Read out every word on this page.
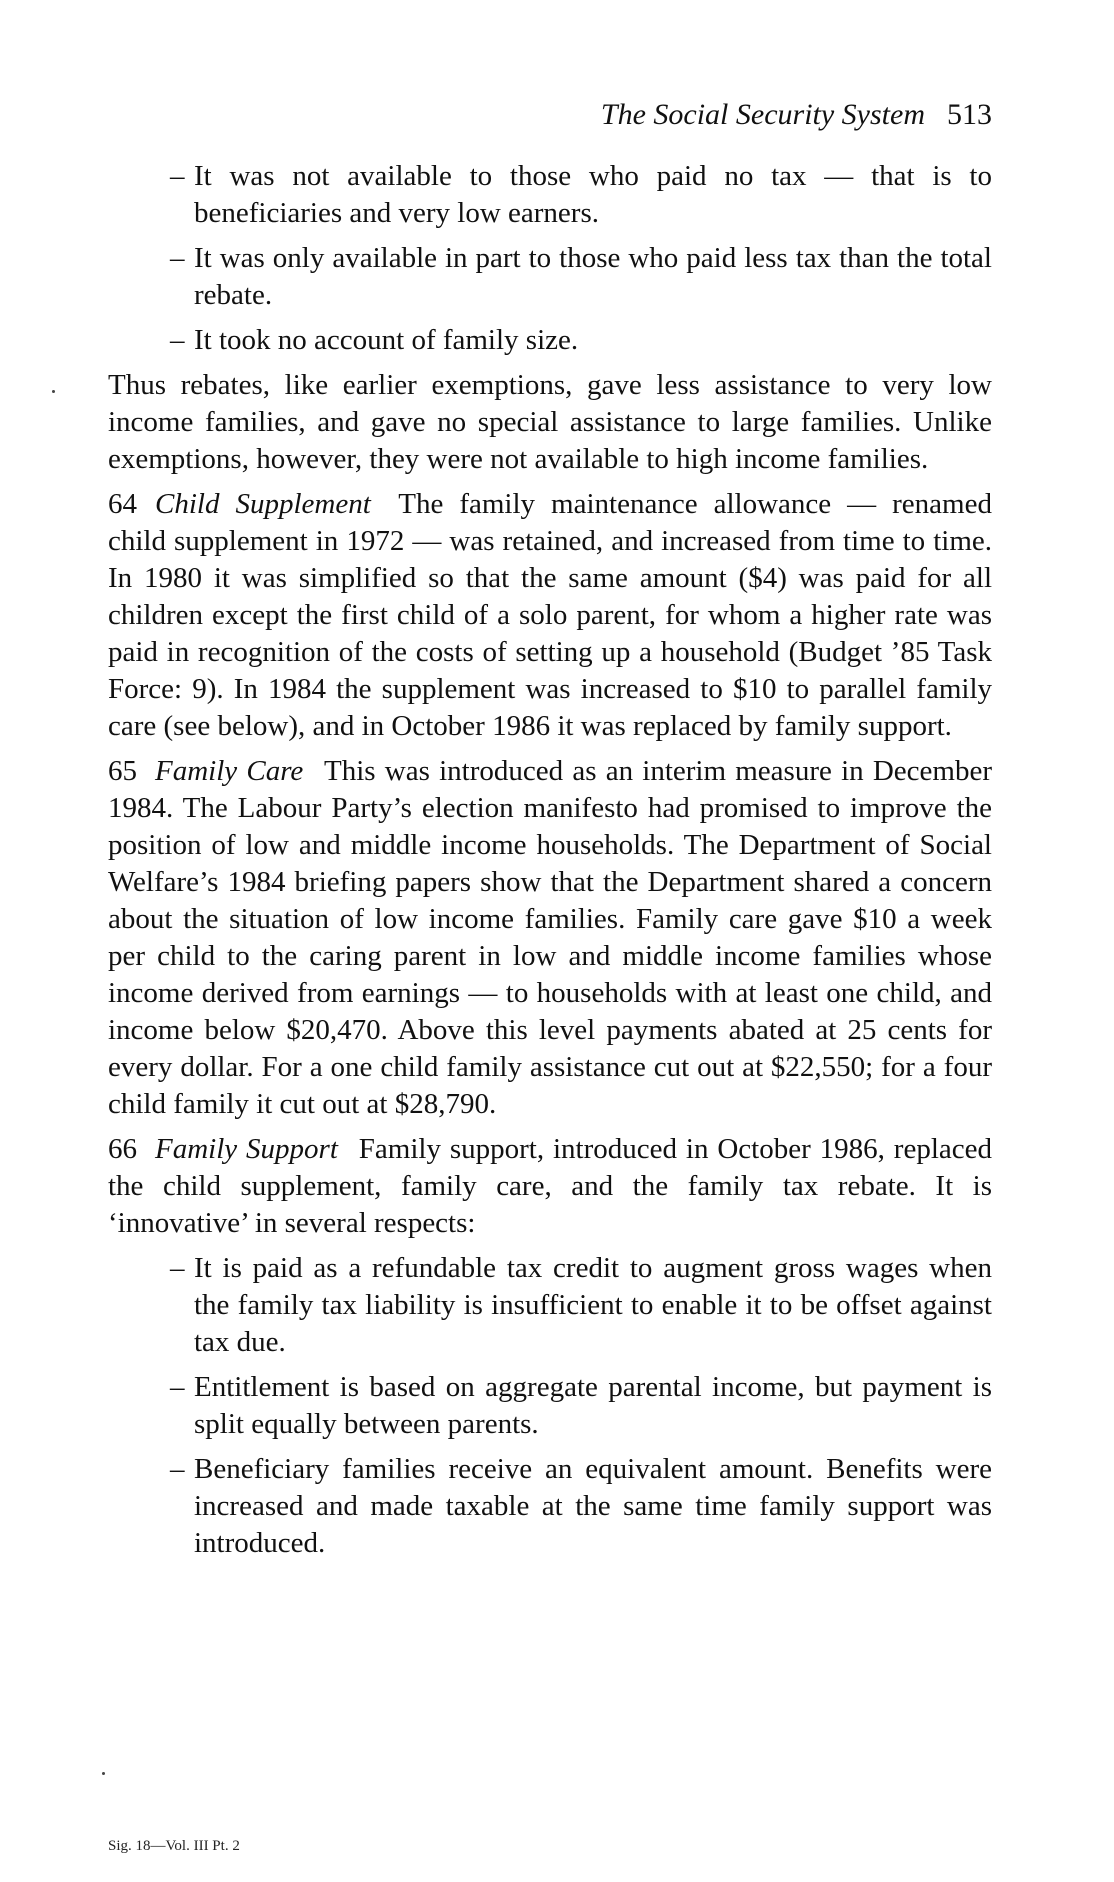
The Social Security System 513
– It was not available to those who paid no tax — that is to beneficiaries and very low earners.
– It was only available in part to those who paid less tax than the total rebate.
– It took no account of family size.

Thus rebates, like earlier exemptions, gave less assistance to very low income families, and gave no special assistance to large families. Unlike exemptions, however, they were not available to high income families.

64 Child Supplement The family maintenance allowance — renamed child supplement in 1972 — was retained, and increased from time to time. In 1980 it was simplified so that the same amount ($4) was paid for all children except the first child of a solo parent, for whom a higher rate was paid in recognition of the costs of setting up a household (Budget ’85 Task Force: 9). In 1984 the supplement was increased to $10 to parallel family care (see below), and in October 1986 it was replaced by family support.

65 Family Care This was introduced as an interim measure in December 1984. The Labour Party’s election manifesto had promised to improve the position of low and middle income households. The Department of Social Welfare’s 1984 briefing papers show that the Department shared a concern about the situation of low income families. Family care gave $10 a week per child to the caring parent in low and middle income families whose income derived from earnings — to households with at least one child, and income below $20,470. Above this level payments abated at 25 cents for every dollar. For a one child family assistance cut out at $22,550; for a four child family it cut out at $28,790.

66 Family Support Family support, introduced in October 1986, replaced the child supplement, family care, and the family tax rebate. It is ‘innovative’ in several respects:

– It is paid as a refundable tax credit to augment gross wages when the family tax liability is insufficient to enable it to be offset against tax due.
– Entitlement is based on aggregate parental income, but payment is split equally between parents.
– Beneficiary families receive an equivalent amount. Benefits were increased and made taxable at the same time family support was introduced.
Sig. 18—Vol. III Pt. 2
